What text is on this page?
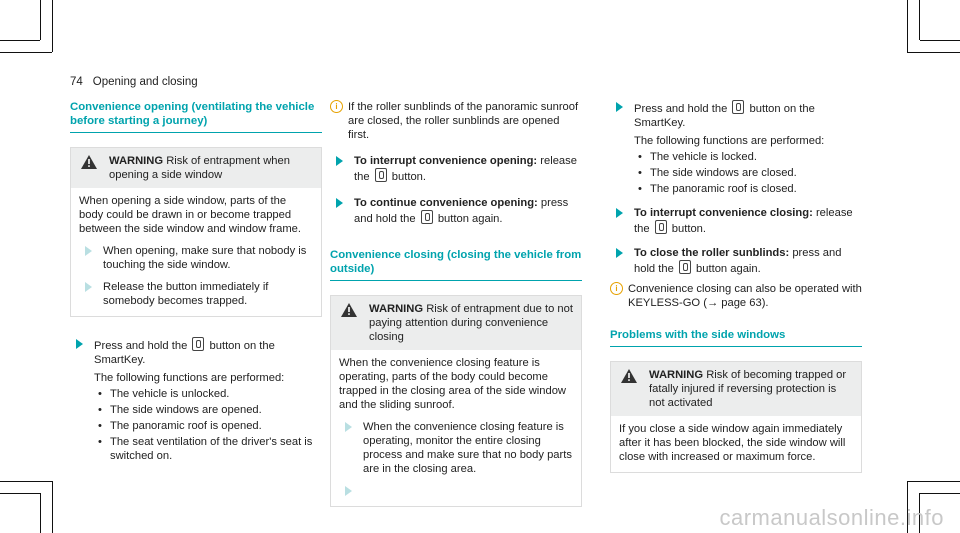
74 Opening and closing
Convenience opening (ventilating the vehicle before starting a journey)
WARNING Risk of entrapment when opening a side window
When opening a side window, parts of the body could be drawn in or become trapped between the side window and window frame.
When opening, make sure that nobody is touching the side window.
Release the button immediately if somebody becomes trapped.
Press and hold the button on the SmartKey.
The following functions are performed:
• The vehicle is unlocked.
• The side windows are opened.
• The panoramic roof is opened.
• The seat ventilation of the driver's seat is switched on.
i If the roller sunblinds of the panoramic sunroof are closed, the roller sunblinds are opened first.
To interrupt convenience opening: release the button.
To continue convenience opening: press and hold the button again.
Convenience closing (closing the vehicle from outside)
WARNING Risk of entrapment due to not paying attention during convenience closing
When the convenience closing feature is operating, parts of the body could become trapped in the closing area of the side window and the sliding sunroof.
When the convenience closing feature is operating, monitor the entire closing process and make sure that no body parts are in the closing area.
Press and hold the button on the SmartKey.
The following functions are performed:
• The vehicle is locked.
• The side windows are closed.
• The panoramic roof is closed.
To interrupt convenience closing: release the button.
To close the roller sunblinds: press and hold the button again.
i Convenience closing can also be operated with KEYLESS-GO (→ page 63).
Problems with the side windows
WARNING Risk of becoming trapped or fatally injured if reversing protection is not activated
If you close a side window again immediately after it has been blocked, the side window will close with increased or maximum force.
carmanualsonline.info
